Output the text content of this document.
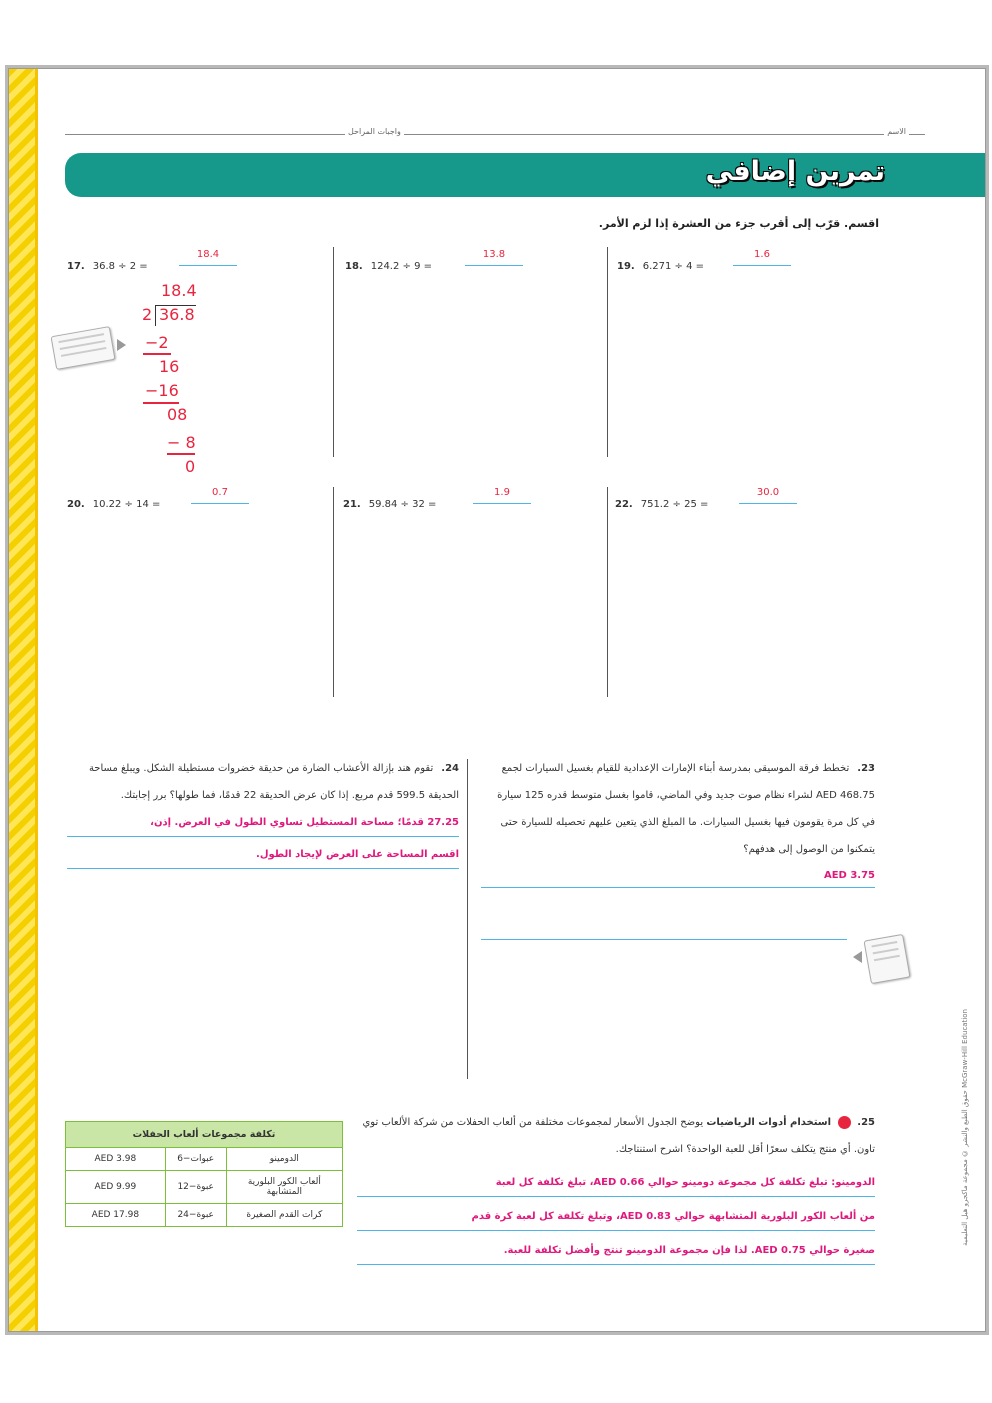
الاسم
واجبات المراحل
تمرين إضافي
اقسم. قرّب إلى أقرب جزء من العشرة إذا لزم الأمر.
17. 36.8 ÷ 2 =
18.4
18. 124.2 ÷ 9 =
13.8
19. 6.271 ÷ 4 =
1.6
18.4
2 36.8
−2
16
−16
08
− 8
0
20. 10.22 ÷ 14 =
0.7
21. 59.84 ÷ 32 =
1.9
22. 751.2 ÷ 25 =
30.0
23.
تخطط فرقة الموسيقى بمدرسة أبناء الإمارات الإعدادية للقيام بغسيل السيارات لجمع AED 468.75 لشراء نظام صوت جديد وفي الماضي، قاموا بغسل متوسط قدره 125 سيارة في كل مرة يقومون فيها بغسيل السيارات. ما المبلغ الذي يتعين عليهم تحصيله للسيارة حتى يتمكنوا من الوصول إلى هدفهم؟
AED 3.75
24.
تقوم هند بإزالة الأعشاب الضارة من حديقة خضروات مستطيلة الشكل. ويبلغ مساحة الحديقة 599.5 قدم مربع. إذا كان عرض الحديقة 22 قدمًا، فما طولها؟ برر إجابتك.
27.25 قدمًا؛ مساحة المستطيل تساوي الطول في العرض. إذن،
اقسم المساحة على العرض لإيجاد الطول.
25.
استخدام أدوات الرياضيات يوضح الجدول الأسعار لمجموعات مختلفة من ألعاب الحفلات من شركة الألعاب توي تاون. أي منتج يتكلف سعرًا أقل للعبة الواحدة؟ اشرح استنتاجك.
الدومينو: تبلغ تكلفة كل مجموعة دومينو حوالي AED 0.66، تبلغ تكلفة كل لعبة
من ألعاب الكور البلورية المتشابهة حوالي AED 0.83، وتبلغ تكلفة كل لعبة كرة قدم
صغيرة حوالي AED 0.75. لذا فإن مجموعة الدومينو تنتج وأفضل تكلفة للعبة.
تكلفة مجموعات ألعاب الحفلات		
AED 3.98	6−عبوات	الدومينو
AED 9.99	12−عبوة	ألعاب الكور البلورية المتشابهة
AED 17.98	24−عبوة	كرات القدم الصغيرة	حقوق الطبع والنشر © مجموعة ماكجرو هيل التعليمية McGraw-Hill Education
